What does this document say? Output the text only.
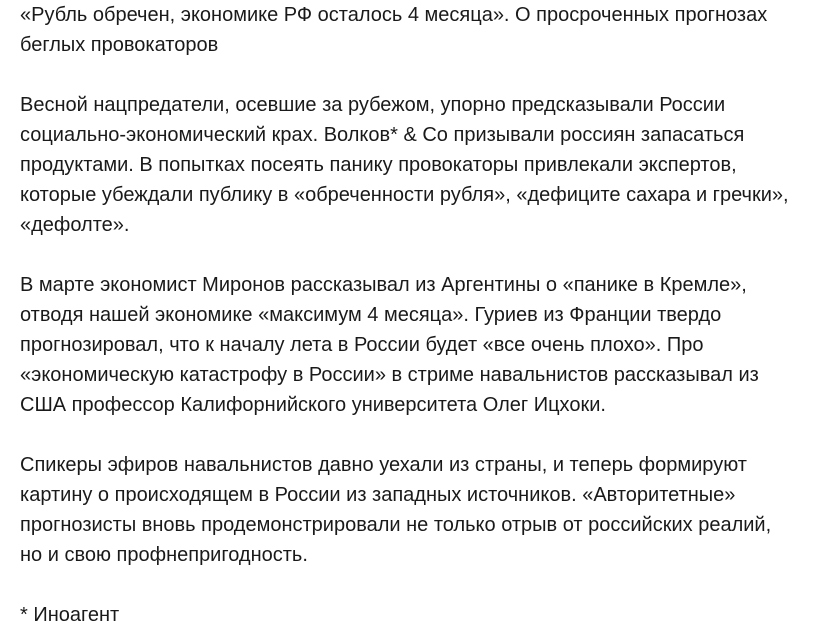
«Рубль обречен, экономике РФ осталось 4 месяца». О просроченных прогнозах
беглых провокаторов

Весной нацпредатели, осевшие за рубежом, упорно предсказывали России
социально-экономический крах. Волков* & Co призывали россиян запасаться
продуктами. В попытках посеять панику провокаторы привлекали экспертов,
которые убеждали публику в «обреченности рубля», «дефиците сахара и гречки»,
«дефолте».

В марте экономист Миронов рассказывал из Аргентины о «панике в Кремле»,
отводя нашей экономике «максимум 4 месяца». Гуриев из Франции твердо
прогнозировал, что к началу лета в России будет «все очень плохо». Про
«экономическую катастрофу в России» в стриме навальнистов рассказывал из
США профессор Калифорнийского университета Олег Ицхоки.

Спикеры эфиров навальнистов давно уехали из страны, и теперь формируют
картину о происходящем в России из западных источников. «Авторитетные»
прогнозисты вновь продемонстрировали не только отрыв от российских реалий,
но и свою профнепригодность.

* Иноагент
